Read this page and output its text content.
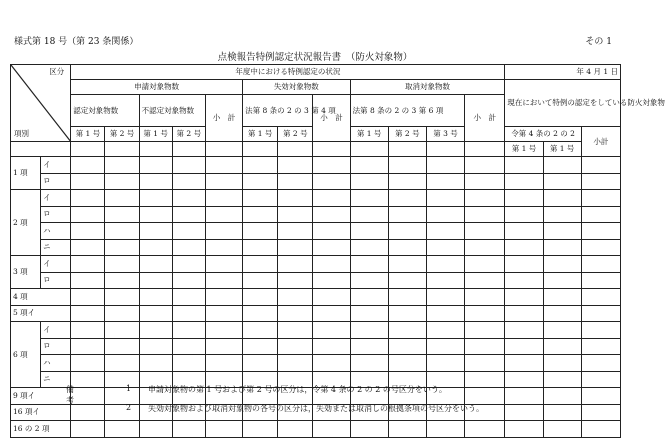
様式第 18 号（第 23 条関係）	その 1
点検報告特例認定状況報告書　（防火対象物）
区分
項別		年度中における特例認定の状況												年 4 月 1 日		
		申請対象物数					失効対象物数			取消対象物数				現在において特例の認定をしている防火対象物		
		認定対象物数		不認定対象物数		小　計	法第 8 条の 2 の 3 第 4 項		小　計	法第 8 条の 2 の 3 第 6 項			小　計			
		第 1 号	第 2 号	第 1 号	第 2 号		第 1 号	第 2 号		第 1 号	第 2 号	第 3 号		令第 4 条の 2 の 2		小計
														第 1 号	第 1 号	
1 項	イ															
	ロ															
2 項	イ															
	ロ															
	ハ															
	ニ															
3 項	イ															
	ロ															
4 項																
5 項イ																
6 項	イ															
	ロ															
	ハ															
	ニ															
9 項イ																
16 項イ																
16 の 2 項																
備考
1 申請対象物の第 1 号および第 2 号の区分は，令第 4 条の 2 の 2 の号区分をいう。
2 失効対象物および取消対象物の各号の区分は，失効または取消しの根拠条項の号区分をいう。
